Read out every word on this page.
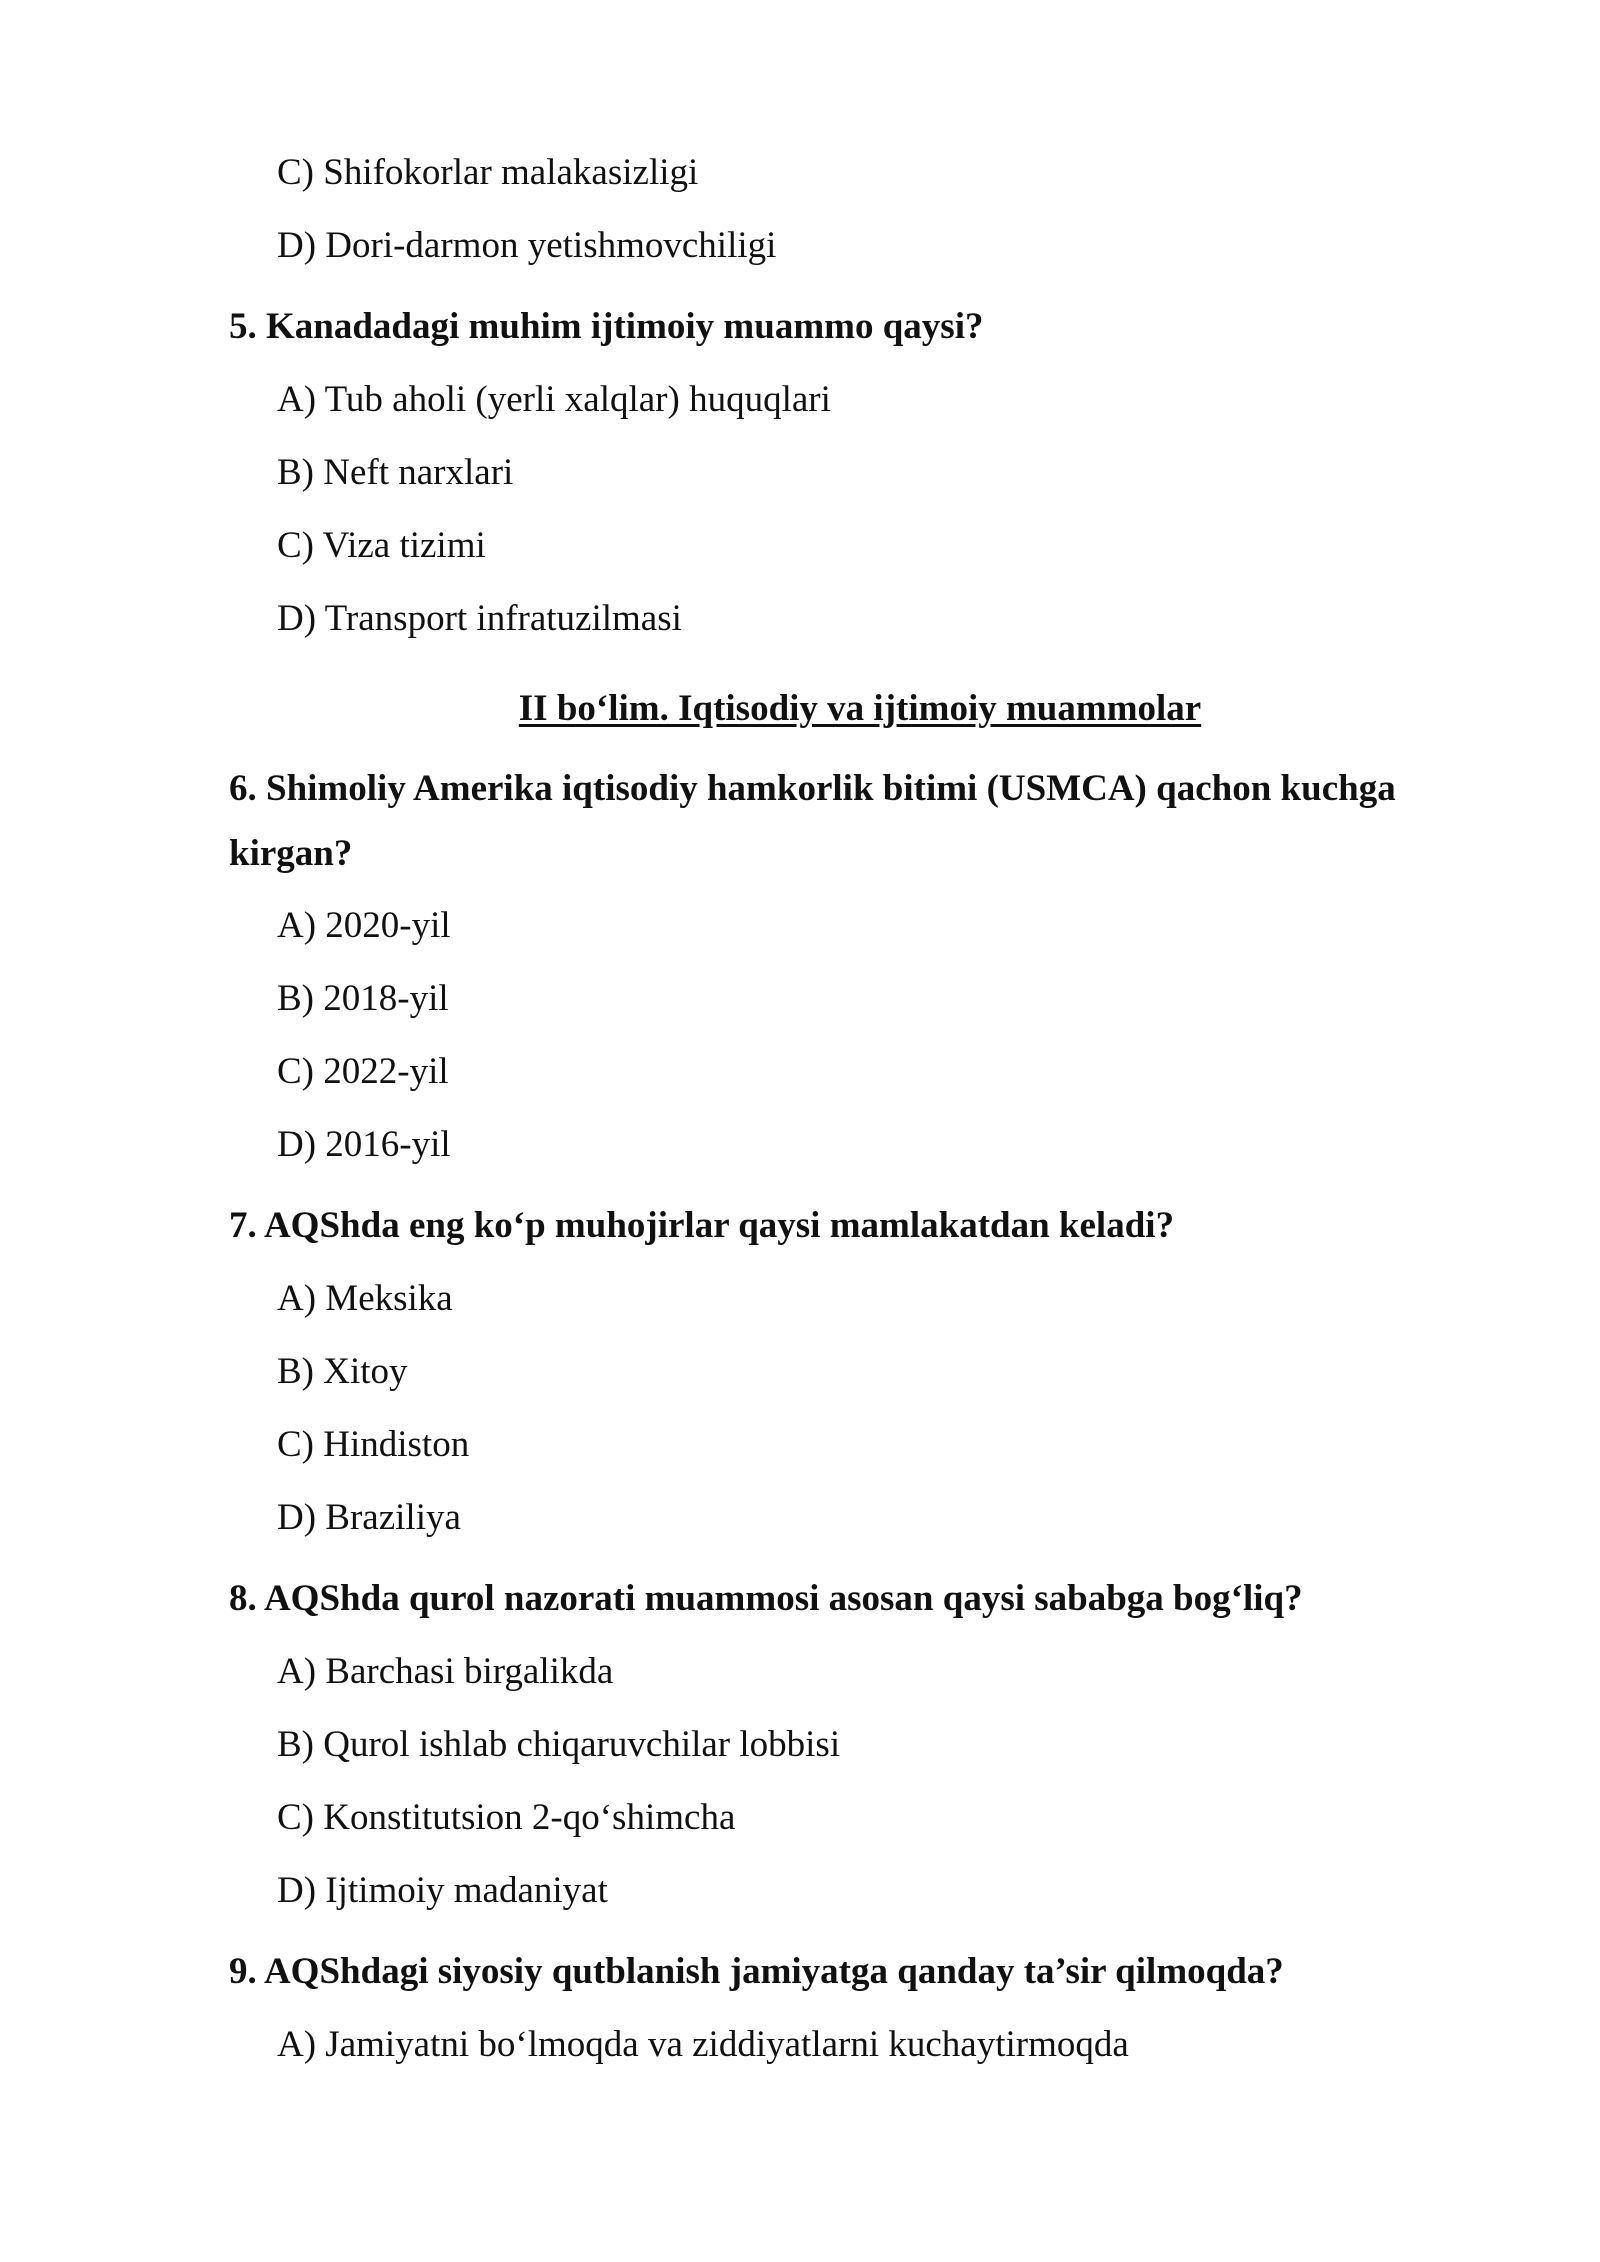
C) Shifokorlar malakasizligi
D) Dori-darmon yetishmovchiligi
5. Kanadadagi muhim ijtimoiy muammo qaysi?
A) Tub aholi (yerli xalqlar) huquqlari
B) Neft narxlari
C) Viza tizimi
D) Transport infratuzilmasi
II bo‘lim. Iqtisodiy va ijtimoiy muammolar
6. Shimoliy Amerika iqtisodiy hamkorlik bitimi (USMCA) qachon kuchga
kirgan?
A) 2020-yil
B) 2018-yil
C) 2022-yil
D) 2016-yil
7. AQShda eng ko‘p muhojirlar qaysi mamlakatdan keladi?
A) Meksika
B) Xitoy
C) Hindiston
D) Braziliya
8. AQShda qurol nazorati muammosi asosan qaysi sababga bog‘liq?
A) Barchasi birgalikda
B) Qurol ishlab chiqaruvchilar lobbisi
C) Konstitutsion 2-qo‘shimcha
D) Ijtimoiy madaniyat
9. AQShdagi siyosiy qutblanish jamiyatga qanday ta’sir qilmoqda?
A) Jamiyatni bo‘lmoqda va ziddiyatlarni kuchaytirmoqda
